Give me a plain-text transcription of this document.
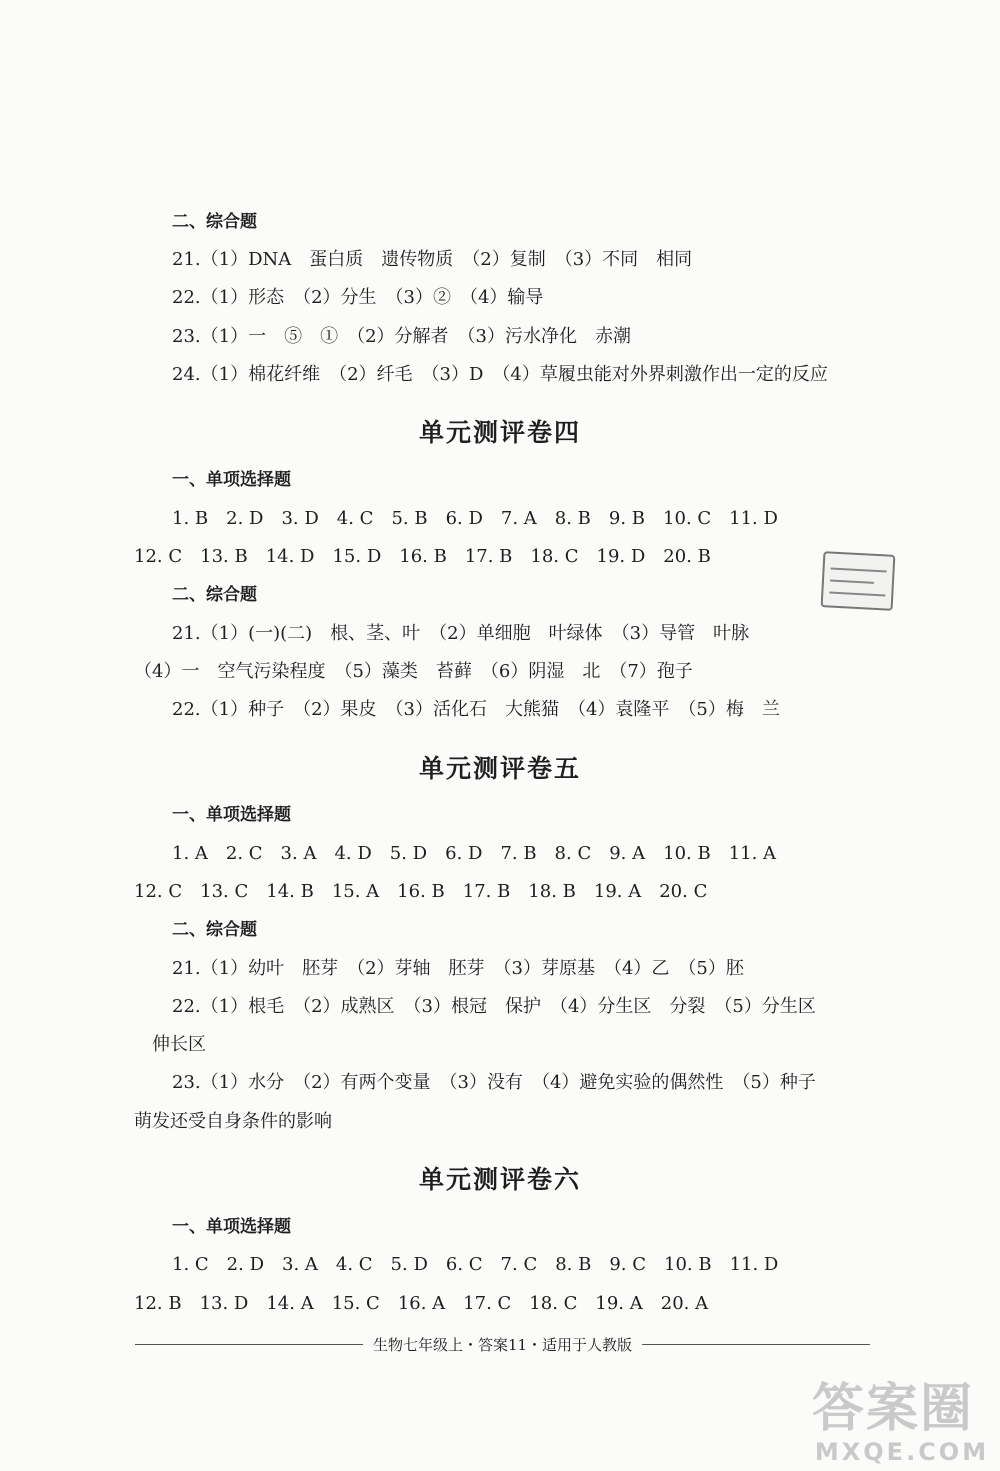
二、综合题
21.（1）DNA　蛋白质　遗传物质　（2）复制　（3）不同　相同
22.（1）形态　（2）分生　（3）②　（4）输导
23.（1）一　⑤　①　（2）分解者　（3）污水净化　赤潮
24.（1）棉花纤维　（2）纤毛　（3）D　（4）草履虫能对外界刺激作出一定的反应
单元测评卷四
一、单项选择题
1. B　2. D　3. D　4. C　5. B　6. D　7. A　8. B　9. B　10. C　11. D
12. C　13. B　14. D　15. D　16. B　17. B　18. C　19. D　20. B
二、综合题
21.（1）(一)(二)　根、茎、叶　（2）单细胞　叶绿体　（3）导管　叶脉
（4）一　空气污染程度　（5）藻类　苔藓　（6）阴湿　北　（7）孢子
22.（1）种子　（2）果皮　（3）活化石　大熊猫　（4）袁隆平　（5）梅　兰
单元测评卷五
一、单项选择题
1. A　2. C　3. A　4. D　5. D　6. D　7. B　8. C　9. A　10. B　11. A
12. C　13. C　14. B　15. A　16. B　17. B　18. B　19. A　20. C
二、综合题
21.（1）幼叶　胚芽　（2）芽轴　胚芽　（3）芽原基　（4）乙　（5）胚
22.（1）根毛　（2）成熟区　（3）根冠　保护　（4）分生区　分裂　（5）分生区
伸长区
23.（1）水分　（2）有两个变量　（3）没有　（4）避免实验的偶然性　（5）种子
萌发还受自身条件的影响
单元测评卷六
一、单项选择题
1. C　2. D　3. A　4. C　5. D　6. C　7. C　8. B　9. C　10. B　11. D
12. B　13. D　14. A　15. C　16. A　17. C　18. C　19. A　20. A
生物七年级上・答案11・适用于人教版
答案圈
MXQE.COM
